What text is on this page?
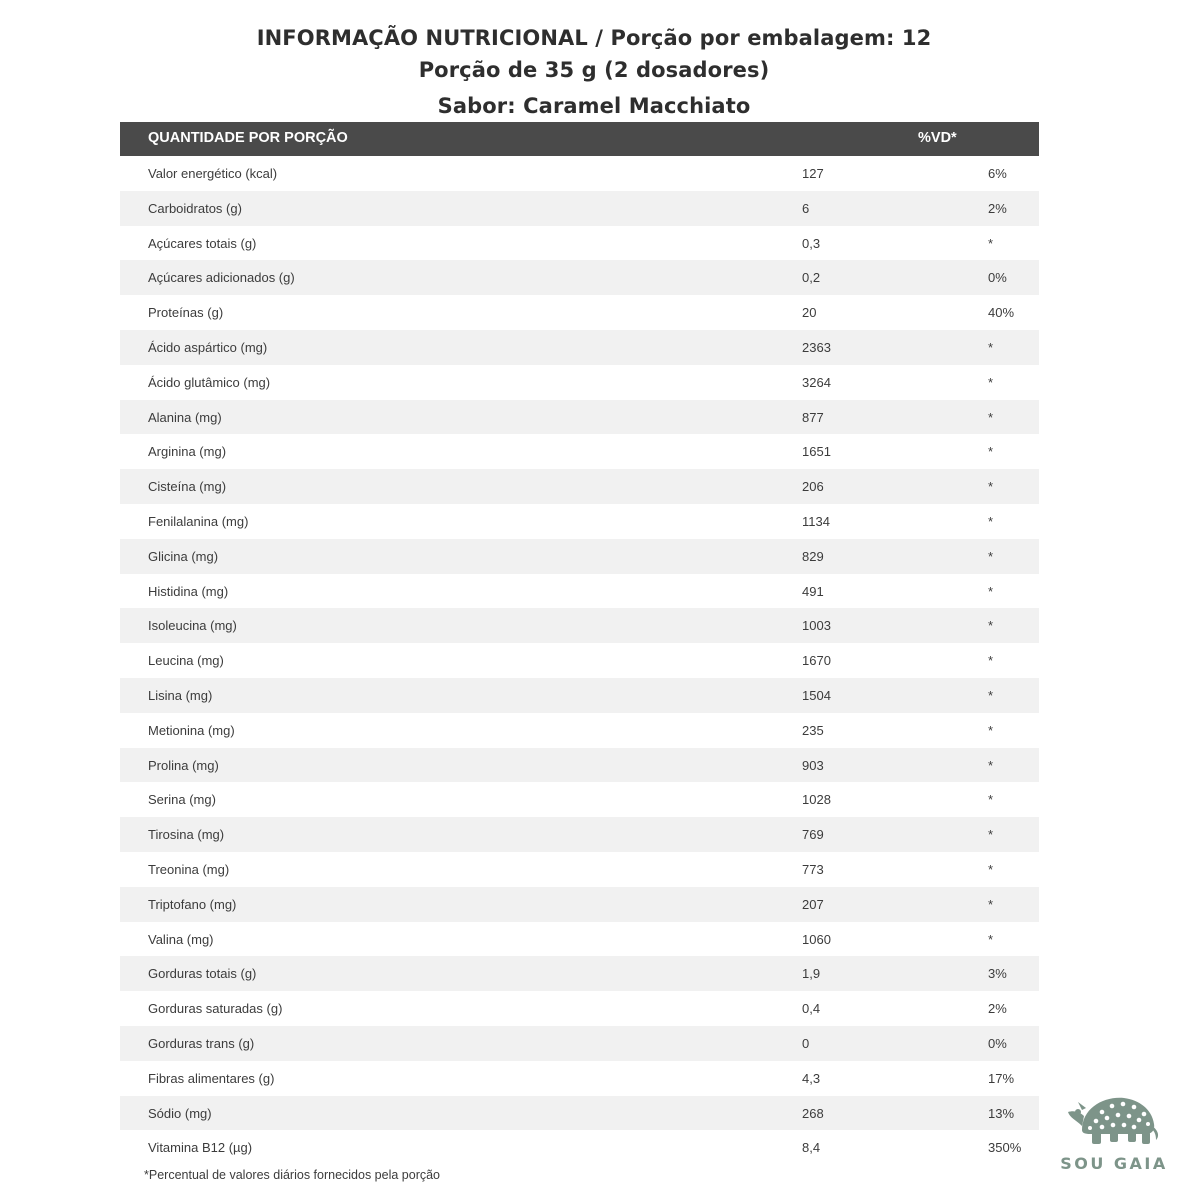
INFORMAÇÃO NUTRICIONAL / Porção por embalagem: 12
Porção de 35 g (2 dosadores)
Sabor: Caramel Macchiato
QUANTIDADE POR PORÇÃO	%VD*
Valor energético (kcal)	127	6%
Carboidratos (g)	6	2%
Açúcares totais (g)	0,3	*
Açúcares adicionados (g)	0,2	0%
Proteínas (g)	20	40%
Ácido aspártico (mg)	2363	*
Ácido glutâmico (mg)	3264	*
Alanina (mg)	877	*
Arginina (mg)	1651	*
Cisteína (mg)	206	*
Fenilalanina (mg)	1134	*
Glicina (mg)	829	*
Histidina (mg)	491	*
Isoleucina (mg)	1003	*
Leucina (mg)	1670	*
Lisina (mg)	1504	*
Metionina (mg)	235	*
Prolina (mg)	903	*
Serina (mg)	1028	*
Tirosina (mg)	769	*
Treonina (mg)	773	*
Triptofano (mg)	207	*
Valina (mg)	1060	*
Gorduras totais (g)	1,9	3%
Gorduras saturadas (g)	0,4	2%
Gorduras trans (g)	0	0%
Fibras alimentares (g)	4,3	17%
Sódio (mg)	268	13%
Vitamina B12 (µg)	8,4	350%
*Percentual de valores diários fornecidos pela porção
SOU GAIA
